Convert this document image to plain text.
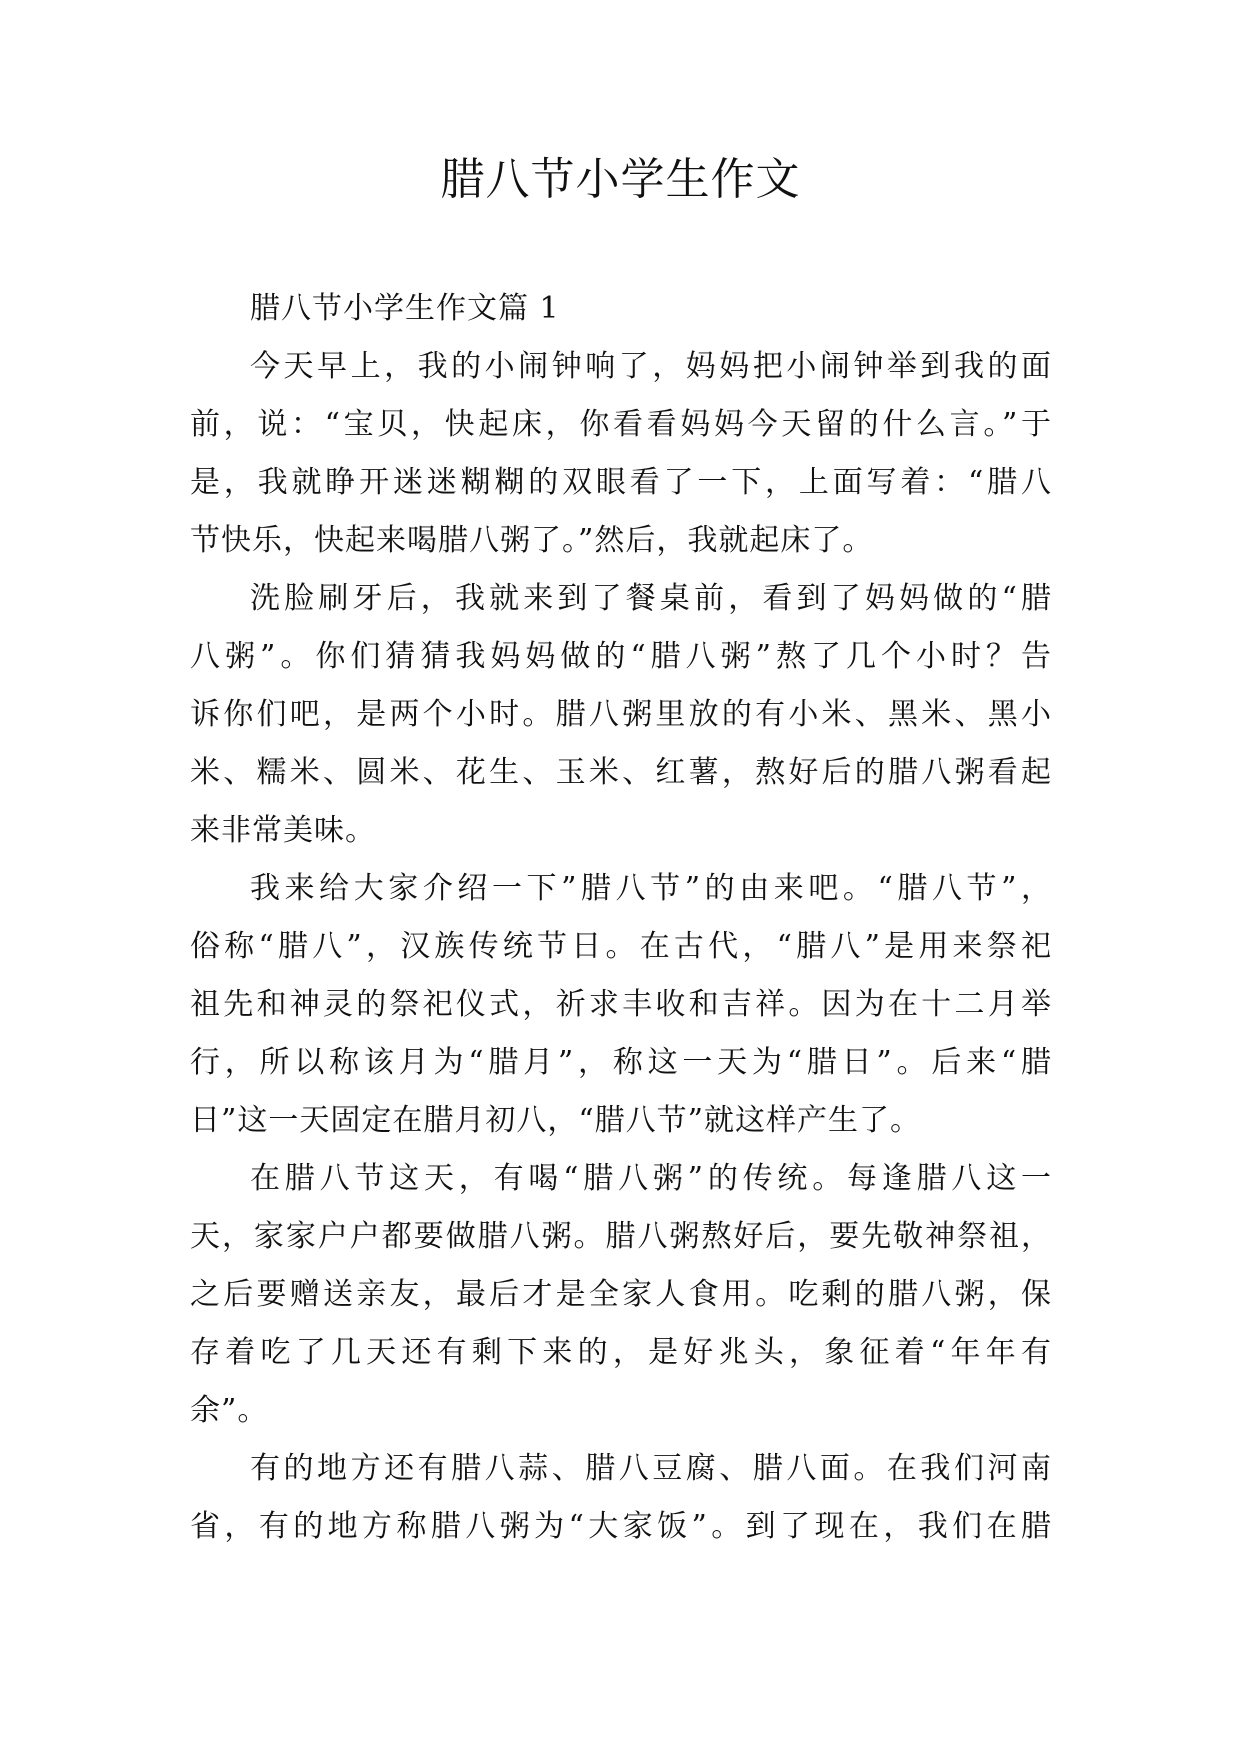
腊八节小学生作文

腊八节小学生作文篇 1

今天早上，我的小闹钟响了，妈妈把小闹钟举到我的面
前，说：“宝贝，快起床，你看看妈妈今天留的什么言。”于
是，我就睁开迷迷糊糊的双眼看了一下，上面写着：“腊八
节快乐，快起来喝腊八粥了。”然后，我就起床了。

洗脸刷牙后，我就来到了餐桌前，看到了妈妈做的“腊
八粥”。你们猜猜我妈妈做的“腊八粥”熬了几个小时？告
诉你们吧，是两个小时。腊八粥里放的有小米、黑米、黑小
米、糯米、圆米、花生、玉米、红薯，熬好后的腊八粥看起
来非常美味。

我来给大家介绍一下”腊八节”的由来吧。“腊八节”，
俗称“腊八”，汉族传统节日。在古代，“腊八”是用来祭祀
祖先和神灵的祭祀仪式，祈求丰收和吉祥。因为在十二月举
行，所以称该月为“腊月”，称这一天为“腊日”。后来“腊
日”这一天固定在腊月初八，“腊八节”就这样产生了。

在腊八节这天，有喝“腊八粥”的传统。每逢腊八这一
天，家家户户都要做腊八粥。腊八粥熬好后，要先敬神祭祖，
之后要赠送亲友，最后才是全家人食用。吃剩的腊八粥，保
存着吃了几天还有剩下来的，是好兆头，象征着“年年有
余”。

有的地方还有腊八蒜、腊八豆腐、腊八面。在我们河南
省，有的地方称腊八粥为“大家饭”。到了现在，我们在腊
